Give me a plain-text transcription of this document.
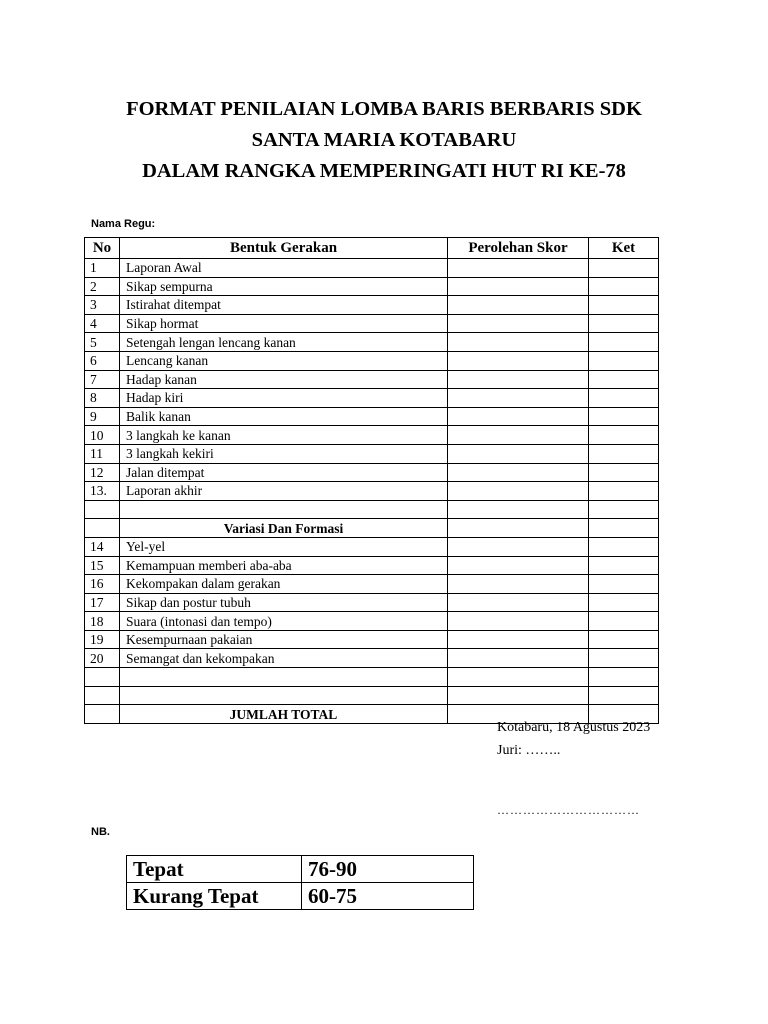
FORMAT PENILAIAN LOMBA BARIS BERBARIS SDK
SANTA MARIA KOTABARU
DALAM RANGKA MEMPERINGATI HUT RI KE-78
Nama Regu:
No	Bentuk Gerakan	Perolehan Skor	Ket
1	Laporan Awal		
2	Sikap sempurna		
3	Istirahat ditempat		
4	Sikap hormat		
5	Setengah lengan lencang kanan		
6	Lencang kanan		
7	Hadap kanan		
8	Hadap kiri		
9	Balik kanan		
10	3 langkah ke kanan		
11	3 langkah kekiri		
12	Jalan ditempat		
13.	Laporan akhir		

	Variasi Dan Formasi		
14	Yel-yel		
15	Kemampuan memberi aba-aba		
16	Kekompakan dalam gerakan		
17	Sikap dan postur tubuh		
18	Suara (intonasi dan tempo)		
19	Kesempurnaan pakaian		
20	Semangat dan kekompakan		

	JUMLAH TOTAL		
Kotabaru, 18 Agustus 2023
Juri: ……..
……………………………
NB.
Tepat	76-90
Kurang Tepat	60-75
